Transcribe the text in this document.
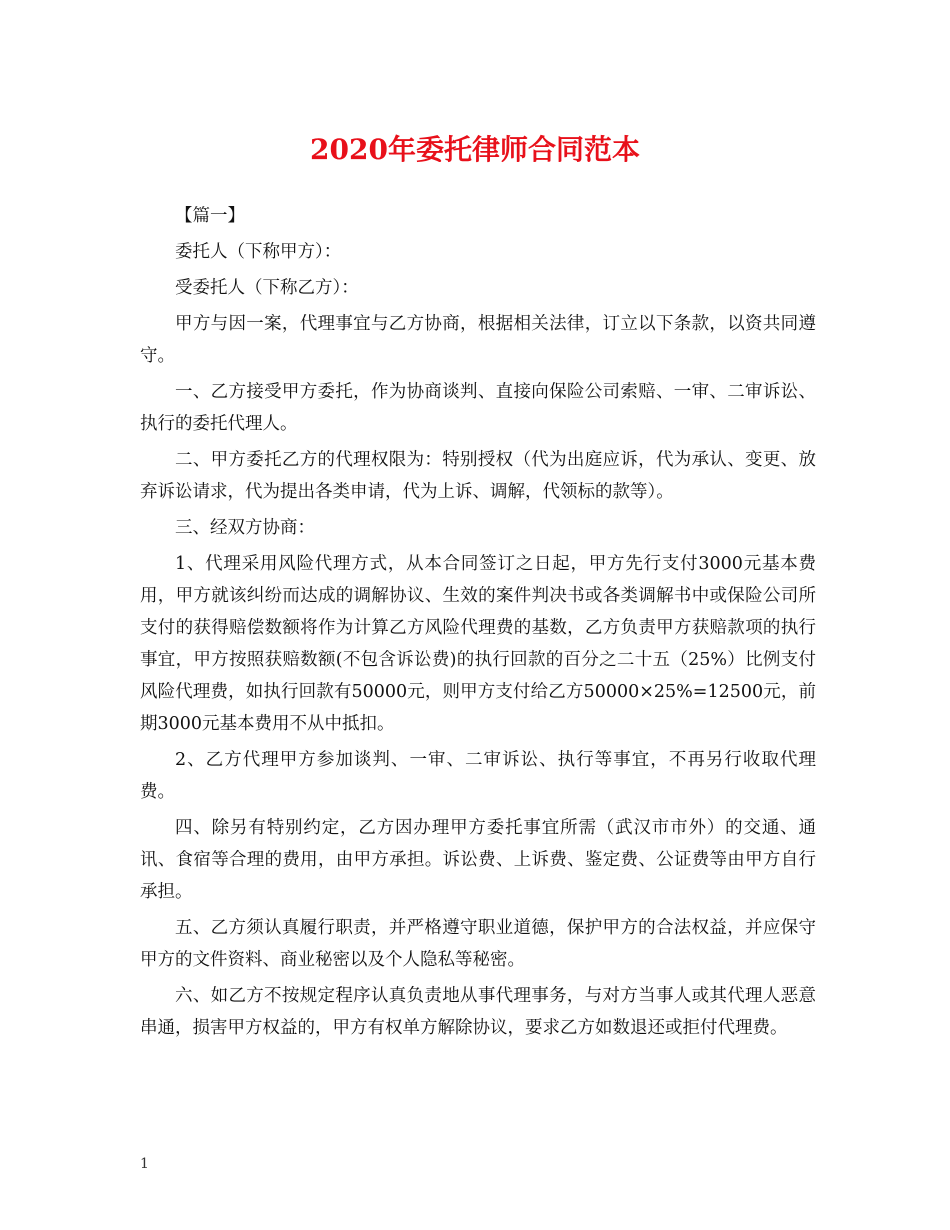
2020年委托律师合同范本

【篇一】

委托人（下称甲方）：

受委托人（下称乙方）：

甲方与因一案，代理事宜与乙方协商，根据相关法律，订立以下条款，以资共同遵守。

一、乙方接受甲方委托，作为协商谈判、直接向保险公司索赔、一审、二审诉讼、执行的委托代理人。

二、甲方委托乙方的代理权限为：特别授权（代为出庭应诉，代为承认、变更、放弃诉讼请求，代为提出各类申请，代为上诉、调解，代领标的款等）。

三、经双方协商：

1、代理采用风险代理方式，从本合同签订之日起，甲方先行支付3000元基本费用，甲方就该纠纷而达成的调解协议、生效的案件判决书或各类调解书中或保险公司所支付的获得赔偿数额将作为计算乙方风险代理费的基数，乙方负责甲方获赔款项的执行事宜，甲方按照获赔数额(不包含诉讼费)的执行回款的百分之二十五（25%）比例支付风险代理费，如执行回款有50000元，则甲方支付给乙方50000×25%=12500元，前期3000元基本费用不从中抵扣。

2、乙方代理甲方参加谈判、一审、二审诉讼、执行等事宜，不再另行收取代理费。

四、除另有特别约定，乙方因办理甲方委托事宜所需（武汉市市外）的交通、通讯、食宿等合理的费用，由甲方承担。诉讼费、上诉费、鉴定费、公证费等由甲方自行承担。

五、乙方须认真履行职责，并严格遵守职业道德，保护甲方的合法权益，并应保守甲方的文件资料、商业秘密以及个人隐私等秘密。

六、如乙方不按规定程序认真负责地从事代理事务，与对方当事人或其代理人恶意串通，损害甲方权益的，甲方有权单方解除协议，要求乙方如数退还或拒付代理费。

1
